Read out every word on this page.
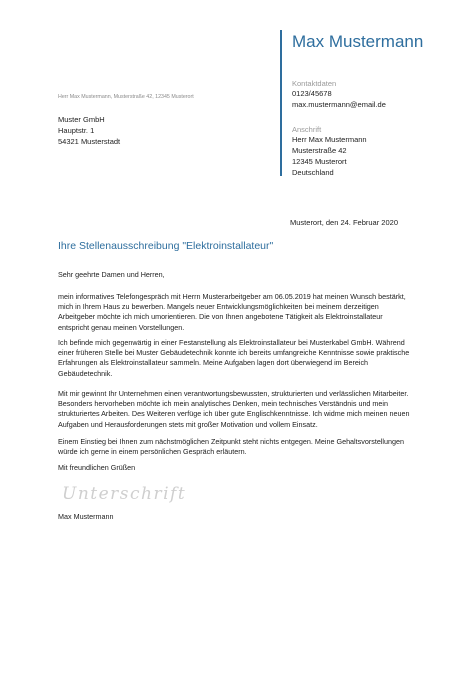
Max Mustermann
Kontaktdaten
0123/45678
max.mustermann@email.de
Anschrift
Herr Max Mustermann
Musterstraße 42
12345 Musterort
Deutschland
Herr Max Mustermann, Musterstraße 42, 12345 Musterort
Muster GmbH
Hauptstr. 1
54321 Musterstadt
Musterort, den 24. Februar 2020
Ihre Stellenausschreibung "Elektroinstallateur"

Sehr geehrte Damen und Herren,

mein informatives Telefongespräch mit Herrn Musterarbeitgeber am 06.05.2019 hat meinen Wunsch bestärkt, mich in Ihrem Haus zu bewerben. Mangels neuer Entwicklungsmöglichkeiten bei meinem derzeitigen Arbeitgeber möchte ich mich umorientieren. Die von Ihnen angebotene Tätigkeit als Elektroinstallateur entspricht genau meinen Vorstellungen.

Ich befinde mich gegenwärtig in einer Festanstellung als Elektroinstallateur bei Musterkabel GmbH. Während einer früheren Stelle bei Muster Gebäudetechnik konnte ich bereits umfangreiche Kenntnisse sowie praktische Erfahrungen als Elektroinstallateur sammeln. Meine Aufgaben lagen dort überwiegend im Bereich Gebäudetechnik.

Mit mir gewinnt Ihr Unternehmen einen verantwortungsbewussten, strukturierten und verlässlichen Mitarbeiter. Besonders hervorheben möchte ich mein analytisches Denken, mein technisches Verständnis und mein strukturiertes Arbeiten. Des Weiteren verfüge ich über gute Englischkenntnisse. Ich widme mich meinen neuen Aufgaben und Herausforderungen stets mit großer Motivation und vollem Einsatz.

Einem Einstieg bei Ihnen zum nächstmöglichen Zeitpunkt steht nichts entgegen. Meine Gehaltsvorstellungen würde ich gerne in einem persönlichen Gespräch erläutern.

Mit freundlichen Grüßen

Unterschrift
Max Mustermann
